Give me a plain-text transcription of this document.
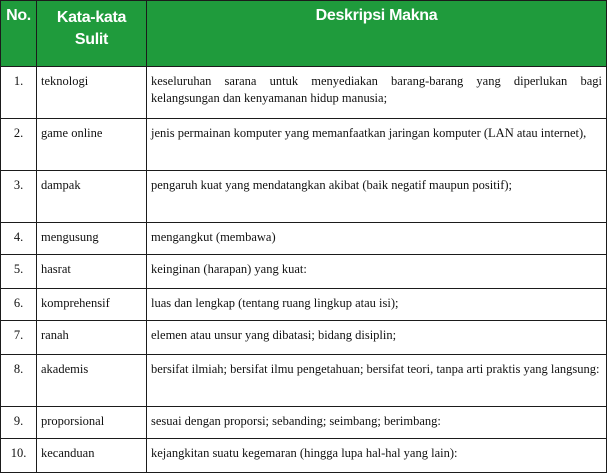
No.	Kata-kata Sulit	Deskripsi Makna
1.	teknologi	keseluruhan sarana untuk menyediakan barang-barang yang diperlukan bagi kelangsungan dan kenyamanan hidup manusia;
2.	game online	jenis permainan komputer yang memanfaatkan jaringan komputer (LAN atau internet),
3.	dampak	pengaruh kuat yang mendatangkan akibat (baik negatif maupun positif);
4.	mengusung	mengangkut (membawa)
5.	hasrat	keinginan (harapan) yang kuat:
6.	komprehensif	luas dan lengkap (tentang ruang lingkup atau isi);
7.	ranah	elemen atau unsur yang dibatasi; bidang disiplin;
8.	akademis	bersifat ilmiah; bersifat ilmu pengetahuan; bersifat teori, tanpa arti praktis yang langsung:
9.	proporsional	sesuai dengan proporsi; sebanding; seimbang; berimbang:
10.	kecanduan	kejangkitan suatu kegemaran (hingga lupa hal-hal yang lain):
